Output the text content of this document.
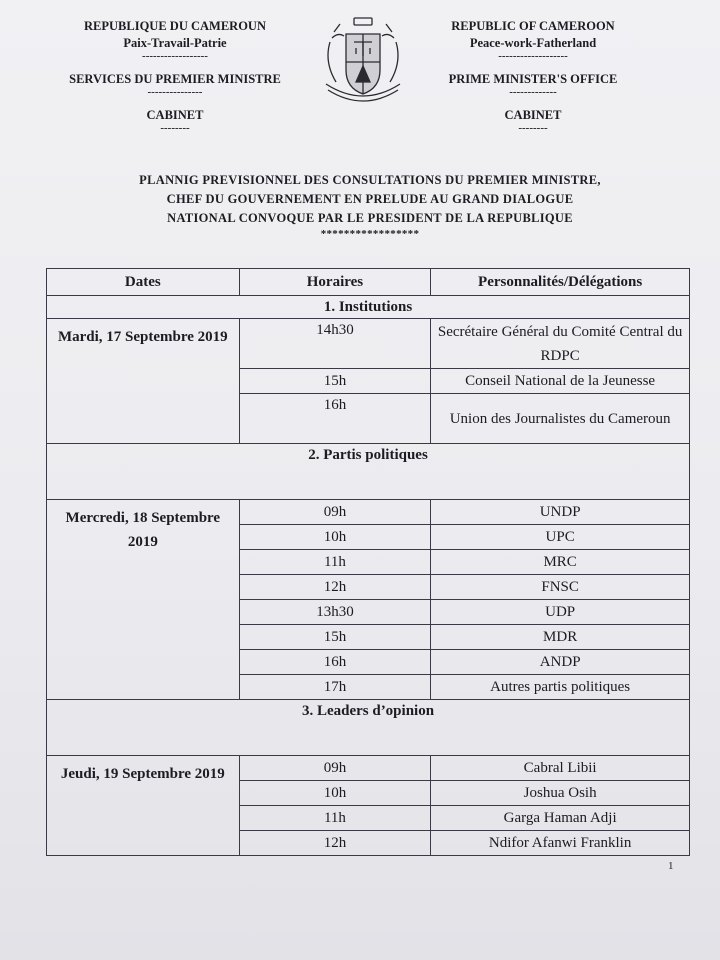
REPUBLIQUE DU CAMEROUN
Paix-Travail-Patrie
------------------
SERVICES DU PREMIER MINISTRE
---------------
CABINET
--------
REPUBLIC OF CAMEROON
Peace-work-Fatherland
-------------------
PRIME MINISTER'S OFFICE
-------------
CABINET
--------
PLANNIG PREVISIONNEL DES CONSULTATIONS DU PREMIER MINISTRE,
CHEF DU GOUVERNEMENT EN PRELUDE AU GRAND DIALOGUE
NATIONAL CONVOQUE PAR LE PRESIDENT DE LA REPUBLIQUE
*****************
Dates	Horaires	Personnalités/Délégations
1. Institutions		
Mardi, 17 Septembre 2019	14h30	Secrétaire Général du Comité Central du RDPC
	15h	Conseil National de la Jeunesse
	16h	Union des Journalistes du Cameroun
2. Partis politiques		
Mercredi, 18 Septembre 2019	09h	UNDP
	10h	UPC
	11h	MRC
	12h	FNSC
	13h30	UDP
	15h	MDR
	16h	ANDP
	17h	Autres partis politiques
3. Leaders d’opinion		
Jeudi, 19 Septembre 2019	09h	Cabral Libii
	10h	Joshua Osih
	11h	Garga Haman Adji
	12h	Ndifor Afanwi Franklin
1
